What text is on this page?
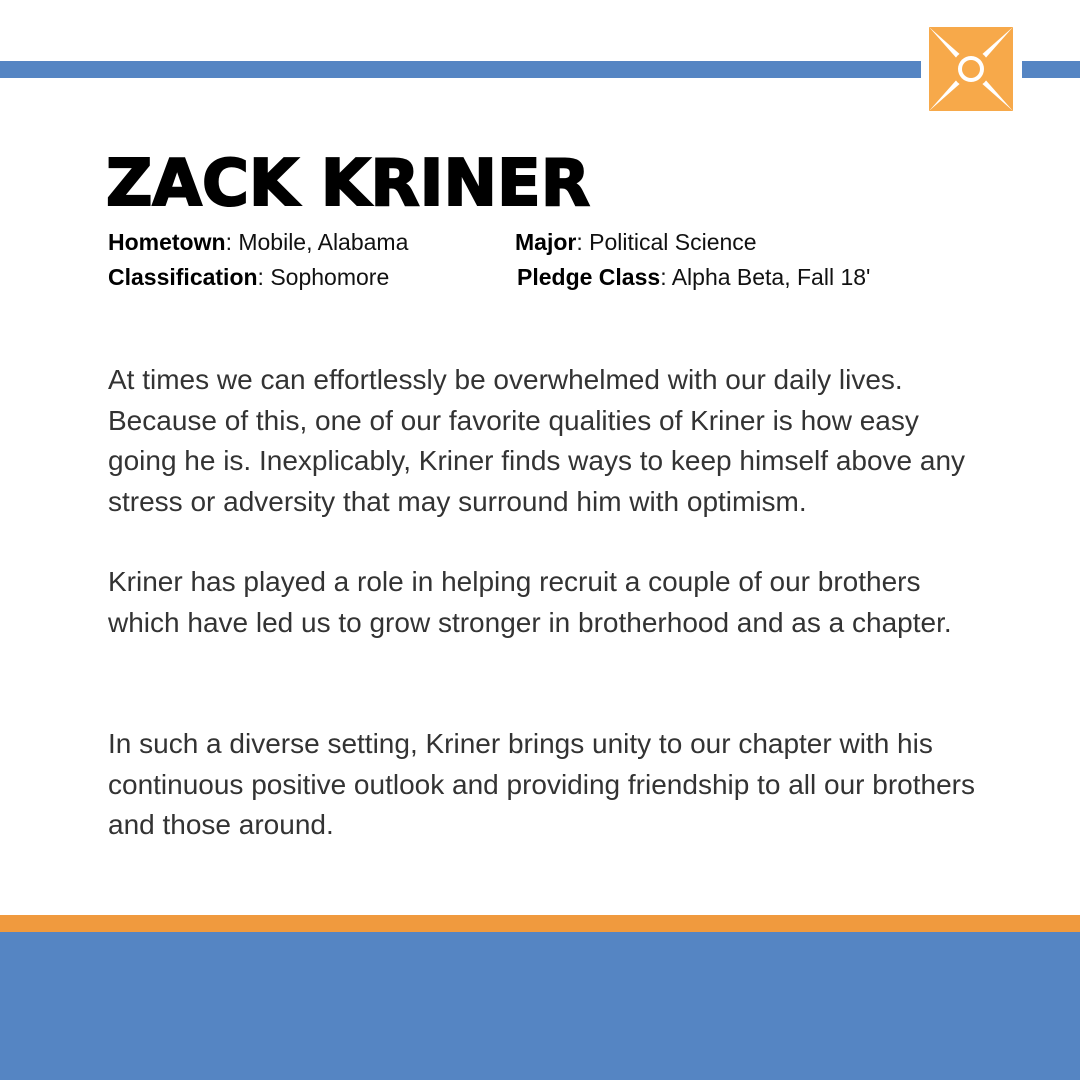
ZACK KRINER
Hometown: Mobile, Alabama	Major: Political Science
Classification: Sophomore	Pledge Class: Alpha Beta, Fall 18'

At times we can effortlessly be overwhelmed with our daily lives. Because of this, one of our favorite qualities of Kriner is how easy going he is. Inexplicably, Kriner finds ways to keep himself above any stress or adversity that may surround him with optimism.

Kriner has played a role in helping recruit a couple of our brothers which have led us to grow stronger in brotherhood and as a chapter.

In such a diverse setting, Kriner brings unity to our chapter with his continuous positive outlook and providing friendship to all our brothers and those around.
